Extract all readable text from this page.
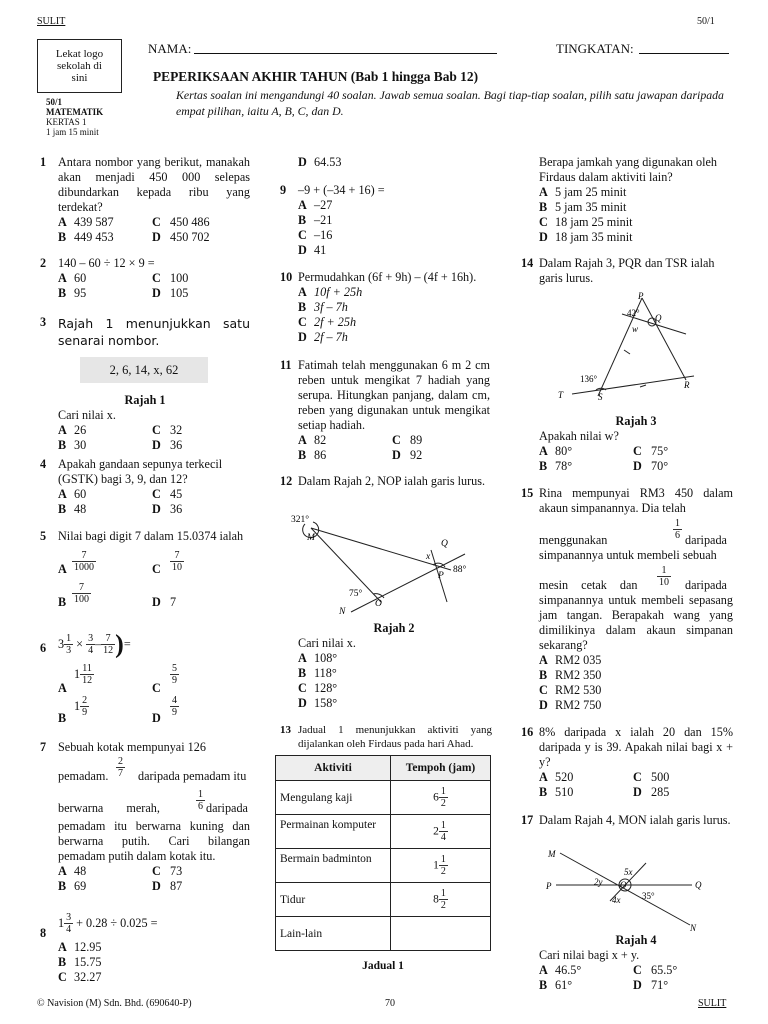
SULIT	50/1
Lekat logo sekolah di sini
NAMA:	TINGKATAN:
PEPERIKSAAN AKHIR TAHUN (Bab 1 hingga Bab 12)
Kertas soalan ini mengandungi 40 soalan. Jawab semua soalan. Bagi tiap-tiap soalan, pilih satu jawapan daripada empat pilihan, iaitu A, B, C, dan D.
50/1
MATEMATIK
KERTAS 1
1 jam 15 minit
1 Antara nombor yang berikut, manakah akan menjadi 450 000 selepas dibundarkan kepada ribu yang terdekat?
A 439 587	C 450 486
B 449 453	D 450 702
2 140 – 60 ÷ 12 × 9 =
A 60	C 100
B 95	D 105
3 Rajah 1 menunjukkan satu senarai nombor.
2, 6, 14, x, 62
Rajah 1
Cari nilai x.
A 26	C 32
B 30	D 36
4 Apakah gandaan sepunya terkecil (GSTK) bagi 3, 9, dan 12?
A 60	C 45
B 48	D 36
5 Nilai bagi digit 7 dalam 15.0374 ialah
A $\frac{7}{1000}$	C $\frac{7}{10}$
B $\frac{7}{100}$	D 7
6 $3 \frac{1}{3} \times \frac{3}{4} - \frac{7}{12}$ )=
A
$1 \frac{11}{12}$
C
$\frac{5}{9}$
B
$1 \frac{2}{9}$	D $\frac{4}{9}$
7 Sebuah kotak mempunyai 126
pemadam. $\frac{2}{7}$ daripada pemadam itu
berwarna merah,	$\frac{1}{6}$ daripada
pemadam itu berwarna kuning dan berwarna putih. Cari bilangan pemadam putih dalam kotak itu.
A 48	C 73
B 69	D 87
8
$1 \frac{3}{4} + 0.28 \div 0.025$ =
A 12.95
B 15.75
C 32.27
D 64.53
9 –9 + (–34 + 16) =
A –27
B –21
C –16
D 41
10 Permudahkan (6f + 9h) – (4f + 16h).
A 10f + 25h
B 3f – 7h
C 2f + 25h
D 2f – 7h
11 Fatimah telah menggunakan 6 m 2 cm reben untuk mengikat 7 hadiah yang serupa. Hitungkan panjang, dalam cm, reben yang digunakan untuk mengikat setiap hadiah.
A 82	C 89
B 86	D 92
12 Dalam Rajah 2, NOP ialah garis lurus.
321°
M
Q
x
P
88°
75°
O
N
Rajah 2
Cari nilai x.
A 108°
B 118°
C 128°
D 158°
13 Jadual 1 menunjukkan aktiviti yang dijalankan oleh Firdaus pada hari Ahad.
Aktiviti	Tempoh (jam)
Mengulang kaji	$6 \frac{1}{2}$

Permainan komputer	$2 \frac{1}{4}$

Bermain badminton	$1 \frac{1}{2}$

Tidur	$8 \frac{1}{2}$

Lain-lain	
Jadual 1
Berapa jamkah yang digunakan oleh Firdaus dalam aktiviti lain?
A 5 jam 25 minit
B 5 jam 35 minit
C 18 jam 25 minit
D 18 jam 35 minit
14 Dalam Rajah 3, PQR dan TSR ialah garis lurus.
P
42° Q
w
136°
T	S
R
Rajah 3
Apakah nilai w?
A 80°	C 75°
B 78°	D 70°
15 Rina mempunyai RM3 450 dalam akaun simpanannya. Dia telah
menggunakan	$\frac{1}{6}$ daripada
simpanannya untuk membeli sebuah
mesin cetak dan $\frac{1}{10}$ daripada
simpanannya untuk membeli sepasang jam tangan. Berapakah wang yang dimilikinya dalam akaun simpanan sekarang?
A RM2 035
B RM2 350
C RM2 530
D RM2 750
16 8% daripada x ialah 20 dan 15% daripada y is 39. Apakah nilai bagi x + y?
A 520	C 500
B 510	D 285
17 Dalam Rajah 4, MON ialah garis lurus.
M
5x
P	2y O	Q
35°
4x
N
Rajah 4
Cari nilai bagi x + y.
A 46.5°	C 65.5°
B 61°	D 71°
© Navision (M) Sdn. Bhd. (690640-P)	70	SULIT
